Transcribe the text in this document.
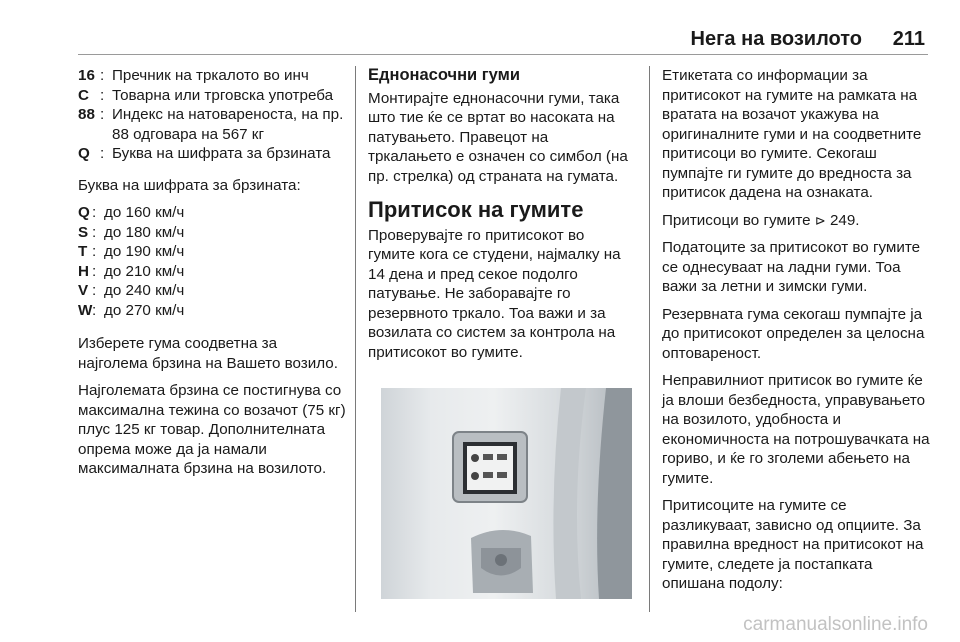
Нега на возилото 211
16 : Пречник на тркалото во инч
C : Товарна или трговска употреба
88 : Индекс на натовареноста, на пр. 88 одговара на 567 кг
Q : Буква на шифрата за брзината

Буква на шифрата за брзината:

Q : до 160 км/ч
S : до 180 км/ч
T : до 190 км/ч
H : до 210 км/ч
V : до 240 км/ч
W : до 270 км/ч

Изберете гума соодветна за најголема брзина на Вашето возило.

Најголемата брзина се постигнува со максимална тежина со возачот (75 кг) плус 125 кг товар. Дополнителната опрема може да ја намали максималната брзина на возилото.

Еднонасочни гуми

Монтирајте еднонасочни гуми, така што тие ќе се вртат во насоката на патувањето. Правецот на тркалањето е означен со симбол (на пр. стрелка) од страната на гумата.

Притисок на гумите

Проверувајте го притисокот во гумите кога се студени, најмалку на 14 дена и пред секое подолго патување. Не заборавајте го резервното тркало. Тоа важи и за возилата со систем за контрола на притисокот во гумите.

Етикетата со информации за притисокот на гумите на рамката на вратата на возачот укажува на оригиналните гуми и на соодветните притисоци во гумите. Секогаш пумпајте ги гумите до вредноста за притисок дадена на ознаката.

Притисоци во гумите ⊳ 249.

Податоците за притисокот во гумите се однесуваат на ладни гуми. Тоа важи за летни и зимски гуми.

Резервната гума секогаш пумпајте ја до притисокот определен за целосна оптовареност.

Неправилниот притисок во гумите ќе ја влоши безбедноста, управувањето на возилото, удобноста и економичноста на потрошувачката на гориво, и ќе го зголеми абењето на гумите.

Притисоците на гумите се разликуваат, зависно од опциите. За правилна вредност на притисокот на гумите, следете ја постапката опишана подолу:

carmanualsonline.info
